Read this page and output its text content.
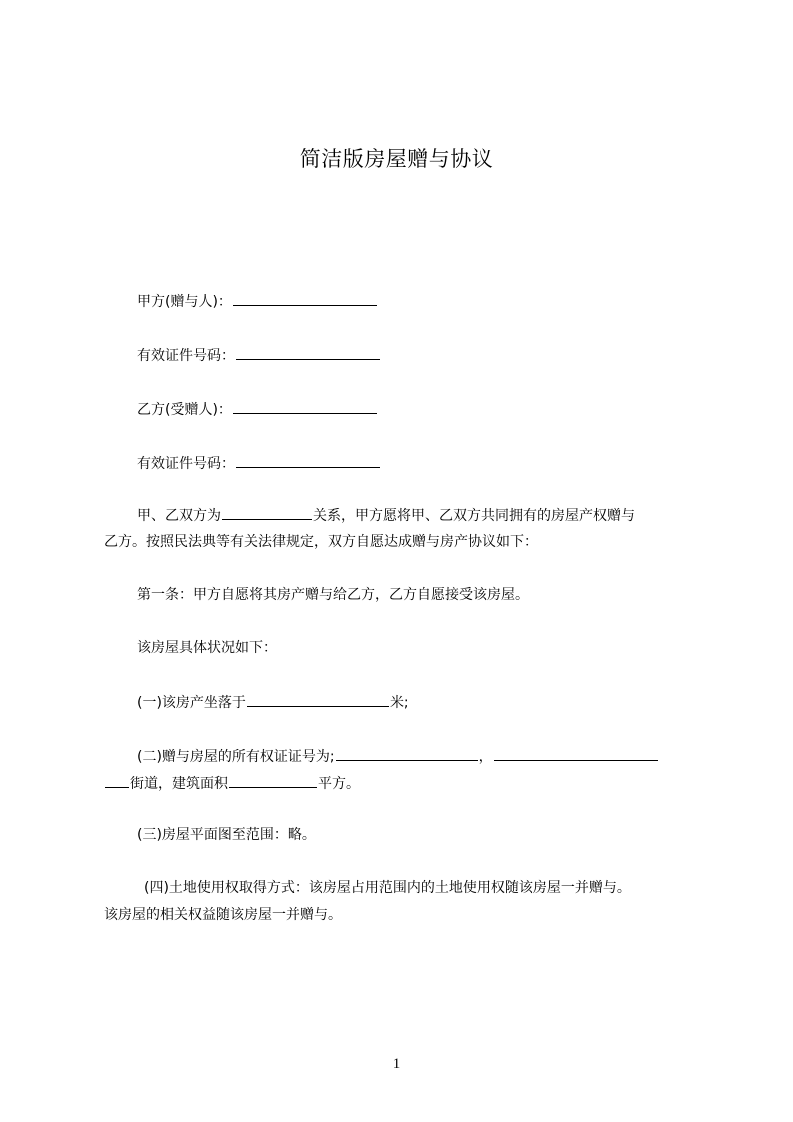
简洁版房屋赠与协议
甲方(赠与人)：
有效证件号码：
乙方(受赠人)：
有效证件号码：
甲、乙双方为	关系，甲方愿将甲、乙双方共同拥有的房屋产权赠与
乙方。按照民法典等有关法律规定，双方自愿达成赠与房产协议如下：
第一条：甲方自愿将其房产赠与给乙方，乙方自愿接受该房屋。
该房屋具体状况如下：
(一)该房产坐落于	米;
(二)赠与房屋的所有权证证号为;	，
街道，建筑面积	平方。
(三)房屋平面图至范围：略。
(四)土地使用权取得方式：该房屋占用范围内的土地使用权随该房屋一并赠与。
该房屋的相关权益随该房屋一并赠与。
1
